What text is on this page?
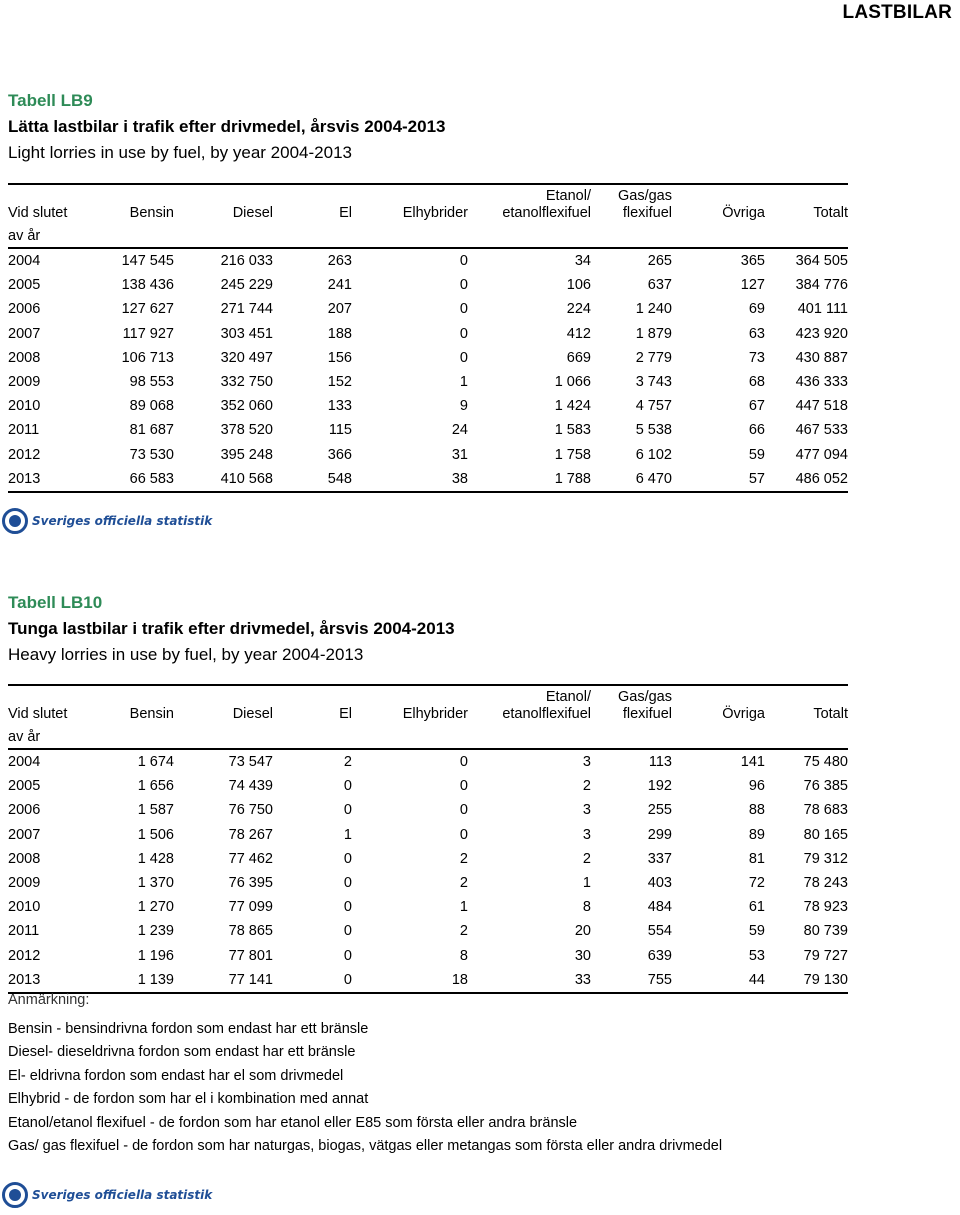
LASTBILAR
Tabell LB9
Lätta lastbilar i trafik efter drivmedel, årsvis 2004-2013
Light lorries in use by fuel, by year 2004-2013
					Etanol/	Gas/gas		
Vid slutet	Bensin	Diesel	El	Elhybrider	etanolflexifuel	flexifuel	Övriga	Totalt
av år								
2004	147 545	216 033	263	0	34	265	365	364 505
2005	138 436	245 229	241	0	106	637	127	384 776
2006	127 627	271 744	207	0	224	1 240	69	401 111
2007	117 927	303 451	188	0	412	1 879	63	423 920
2008	106 713	320 497	156	0	669	2 779	73	430 887
2009	98 553	332 750	152	1	1 066	3 743	68	436 333
2010	89 068	352 060	133	9	1 424	4 757	67	447 518
2011	81 687	378 520	115	24	1 583	5 538	66	467 533
2012	73 530	395 248	366	31	1 758	6 102	59	477 094
2013	66 583	410 568	548	38	1 788	6 470	57	486 052
Sveriges officiella statistik
Tabell LB10
Tunga lastbilar i trafik efter drivmedel, årsvis 2004-2013
Heavy lorries in use by fuel, by year 2004-2013
					Etanol/	Gas/gas		
Vid slutet	Bensin	Diesel	El	Elhybrider	etanolflexifuel	flexifuel	Övriga	Totalt
av år								
2004	1 674	73 547	2	0	3	113	141	75 480
2005	1 656	74 439	0	0	2	192	96	76 385
2006	1 587	76 750	0	0	3	255	88	78 683
2007	1 506	78 267	1	0	3	299	89	80 165
2008	1 428	77 462	0	2	2	337	81	79 312
2009	1 370	76 395	0	2	1	403	72	78 243
2010	1 270	77 099	0	1	8	484	61	78 923
2011	1 239	78 865	0	2	20	554	59	80 739
2012	1 196	77 801	0	8	30	639	53	79 727
2013	1 139	77 141	0	18	33	755	44	79 130
Anmärkning:
Bensin - bensindrivna fordon som endast har ett bränsle
Diesel- dieseldrivna fordon som endast har ett bränsle
El- eldrivna fordon som endast har el som drivmedel
Elhybrid - de fordon som har el i kombination med annat
Etanol/etanol flexifuel - de fordon som har etanol eller E85 som första eller andra bränsle
Gas/ gas flexifuel - de fordon som har naturgas, biogas, vätgas eller metangas som första eller andra drivmedel
Sveriges officiella statistik
